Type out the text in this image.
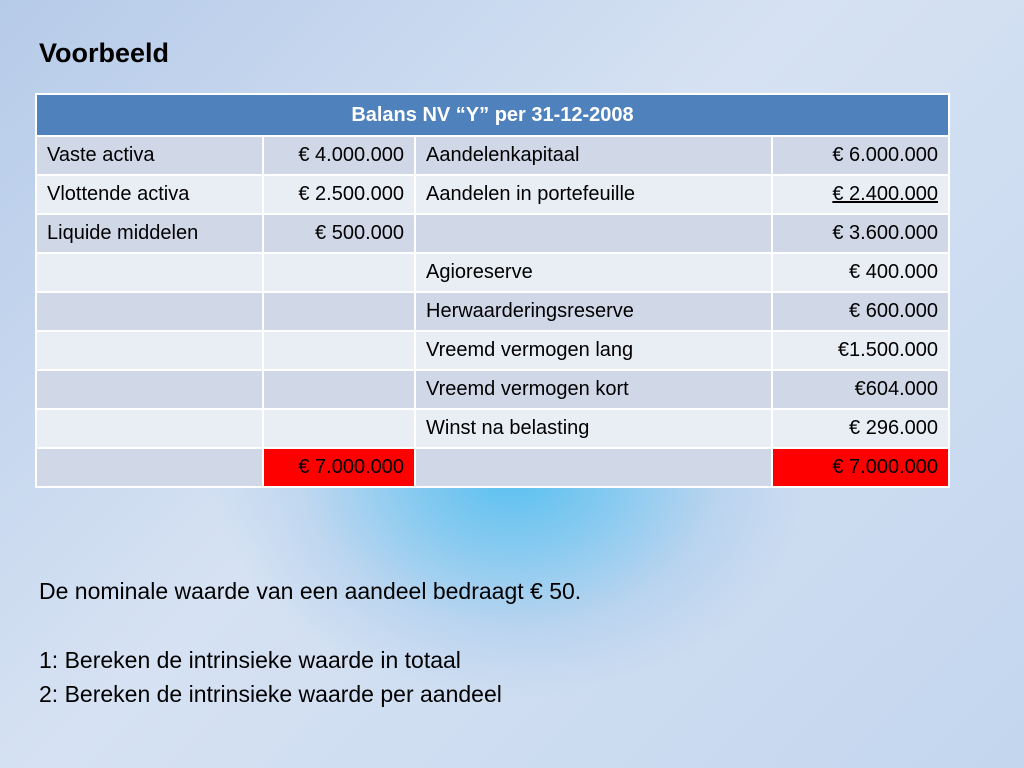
Voorbeeld
Balans NV “Y” per 31-12-2008			
Vaste activa	€ 4.000.000	Aandelenkapitaal	€ 6.000.000
Vlottende activa	€ 2.500.000	Aandelen in portefeuille	€ 2.400.000
Liquide middelen	€ 500.000		€ 3.600.000
		Agioreserve	€ 400.000
		Herwaarderingsreserve	€ 600.000
		Vreemd vermogen lang	€1.500.000
		Vreemd vermogen kort	€604.000
		Winst na belasting	€ 296.000
	€ 7.000.000		€ 7.000.000
De nominale waarde van een aandeel bedraagt € 50.
1: Bereken de intrinsieke waarde in totaal
2: Bereken de intrinsieke waarde per aandeel
